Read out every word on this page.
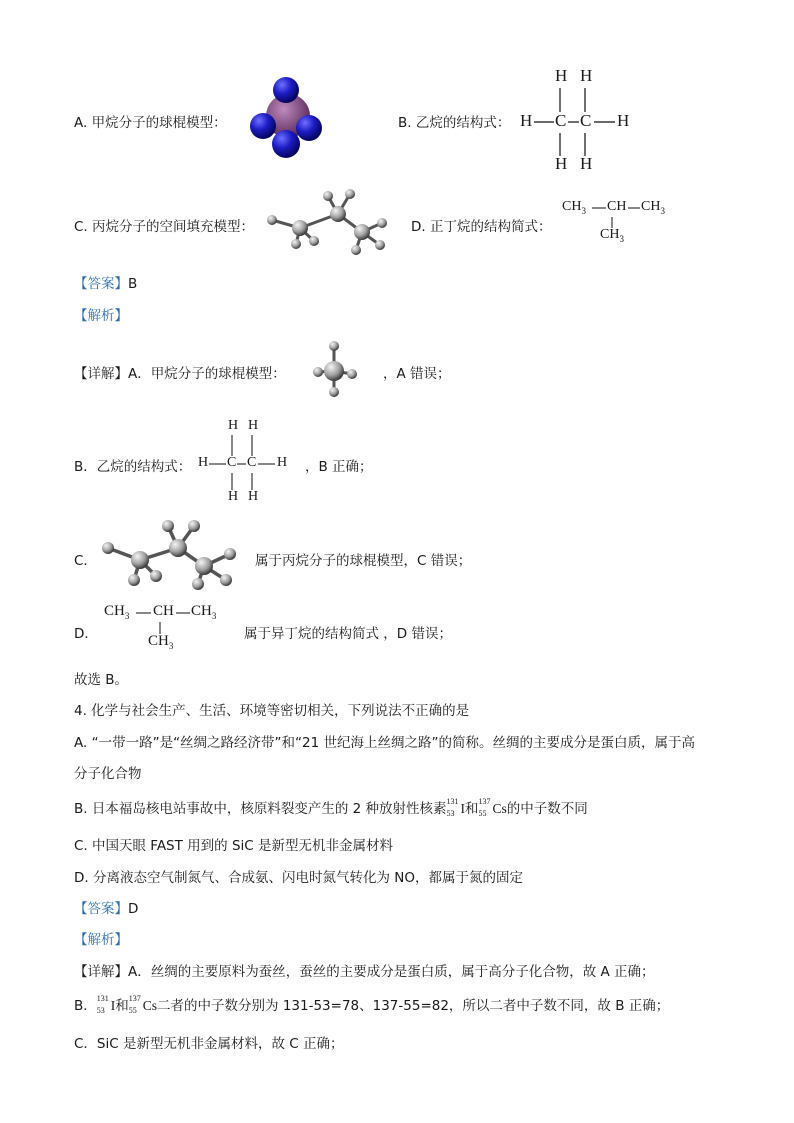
A. 甲烷分子的球棍模型：	B. 乙烷的结构式：
H H
H C C H
H H
C. 丙烷分子的空间填充模型：	D. 正丁烷的结构简式：
$CH_3$ CH $CH_3$
$CH_3$
【答案】B
【解析】
【详解】A．甲烷分子的球棍模型：	，A 错误；
B．乙烷的结构式：
H H
H C C H
H H
，B 正确；
C．	属于丙烷分子的球棍模型，C 错误；
D．
$CH_3$ CH $CH_3$
$CH_3$
属于异丁烷的结构简式 ，D 错误；
故选 B。
4. 化学与社会生产、生活、环境等密切相关，下列说法不正确的是
A. “一带一路”是“丝绸之路经济带”和“21 世纪海上丝绸之路”的简称。丝绸的主要成分是蛋白质，属于高
分子化合物
B. 日本福岛核电站事故中，核原料裂变产生的 2 种放射性核素 131
53 I和 137
55 Cs的中子数不同
C. 中国天眼 FAST 用到的 SiC 是新型无机非金属材料
D. 分离液态空气制氮气、合成氨、闪电时氮气转化为 NO，都属于氮的固定
【答案】D
【解析】
【详解】A．丝绸的主要原料为蚕丝，蚕丝的主要成分是蛋白质，属于高分子化合物，故 A 正确；
B． 131
53 I和 137
55 Cs二者的中子数分别为 131-53=78、137-55=82，所以二者中子数不同，故 B 正确；
C．SiC 是新型无机非金属材料，故 C 正确；
